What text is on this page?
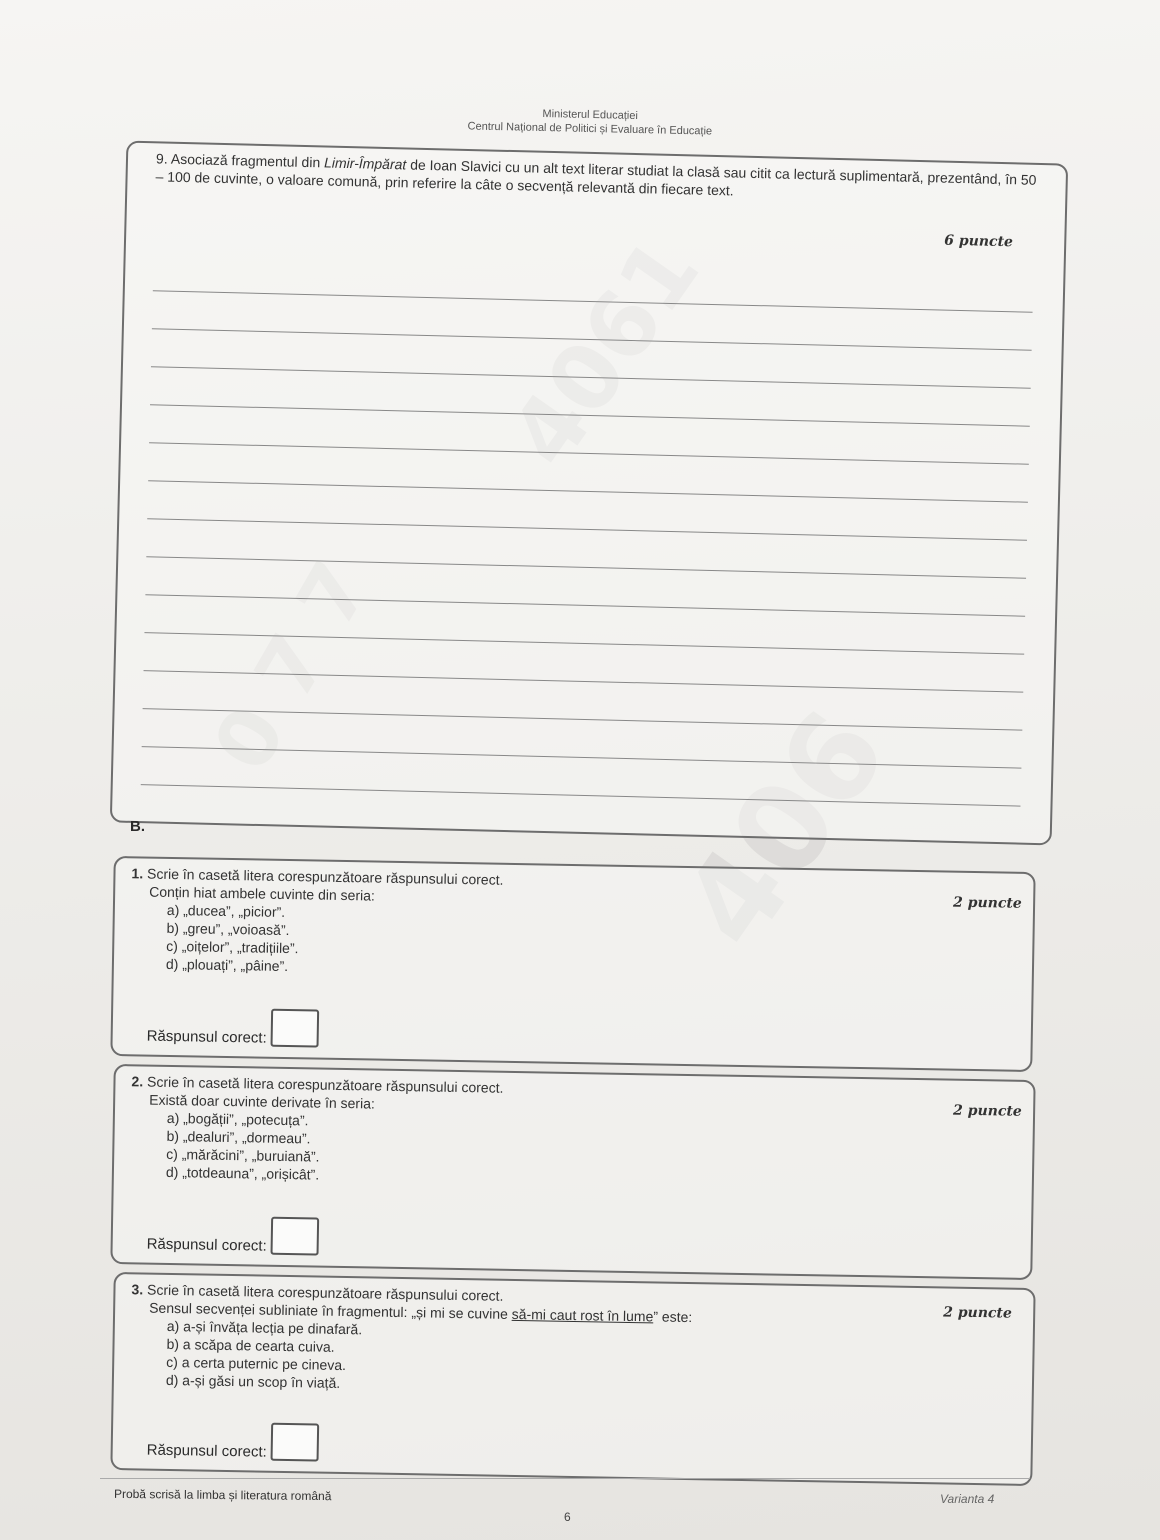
Ministerul Educației
Centrul Național de Politici și Evaluare în Educație
9. Asociază fragmentul din Limir-Împărat de Ioan Slavici cu un alt text literar studiat la clasă sau citit ca lectură suplimentară, prezentând, în 50 – 100 de cuvinte, o valoare comună, prin referire la câte o secvență relevantă din fiecare text.
6 puncte
B.
1. Scrie în casetă litera corespunzătoare răspunsului corect.
Conțin hiat ambele cuvinte din seria:
a) „ducea”, „picior”.
b) „greu”, „voioasă”.
c) „oițelor”, „tradițiile”.
d) „plouați”, „pâine”.
2 puncte
Răspunsul corect:
2. Scrie în casetă litera corespunzătoare răspunsului corect.
Există doar cuvinte derivate în seria:
a) „bogății”, „potecuța”.
b) „dealuri”, „dormeau”.
c) „mărăcini”, „buruiană”.
d) „totdeauna”, „orișicât”.
2 puncte
Răspunsul corect:
3. Scrie în casetă litera corespunzătoare răspunsului corect.
Sensul secvenței subliniate în fragmentul: „și mi se cuvine să-mi caut rost în lume” este:
a) a-și învăța lecția pe dinafară.
b) a scăpa de cearta cuiva.
c) a certa puternic pe cineva.
d) a-și găsi un scop în viață.
2 puncte
Răspunsul corect:
Probă scrisă la limba și literatura română
6
Varianta 4
